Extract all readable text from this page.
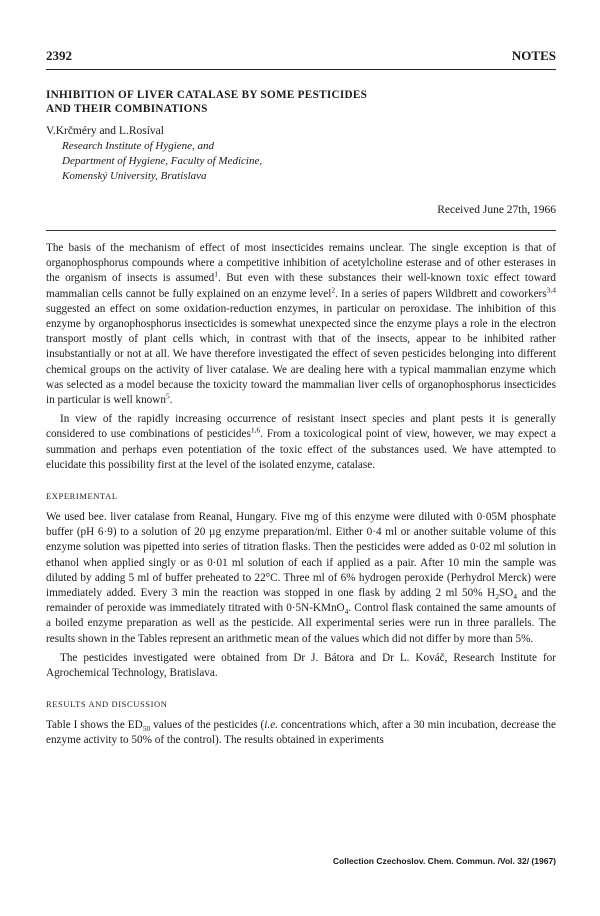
2392	NOTES
INHIBITION OF LIVER CATALASE BY SOME PESTICIDES
AND THEIR COMBINATIONS
V.Krčméry and L.Rosíval
Research Institute of Hygiene, and
Department of Hygiene, Faculty of Medicine,
Komenský University, Bratislava
Received June 27th, 1966

The basis of the mechanism of effect of most insecticides remains unclear. The single exception is that of organophosphorus compounds where a competitive inhibition of acetylcholine esterase and of other esterases in the organism of insects is assumed$^1$. But even with these substances their well-known toxic effect toward mammalian cells cannot be fully explained on an enzyme level$^2$. In a series of papers Wildbrett and coworkers$^{3,4}$ suggested an effect on some oxidation-reduction enzymes, in particular on peroxidase. The inhibition of this enzyme by organophosphorus insecticides is somewhat unexpected since the enzyme plays a role in the electron transport mostly of plant cells which, in contrast with that of the insects, appear to be inhibited rather insubstantially or not at all. We have therefore investigated the effect of seven pesticides belonging into different chemical groups on the activity of liver catalase. We are dealing here with a typical mammalian enzyme which was selected as a model because the toxicity toward the mammalian liver cells of organophosphorus insecticides in particular is well known$^5$.

In view of the rapidly increasing occurrence of resistant insect species and plant pests it is generally considered to use combinations of pesticides$^{1,6}$. From a toxicological point of view, however, we may expect a summation and perhaps even potentiation of the toxic effect of the substances used. We have attempted to elucidate this possibility first at the level of the isolated enzyme, catalase.

EXPERIMENTAL

We used bee. liver catalase from Reanal, Hungary. Five mg of this enzyme were diluted with 0·05M phosphate buffer (pH 6·9) to a solution of 20 µg enzyme preparation/ml. Either 0·4 ml or another suitable volume of this enzyme solution was pipetted into series of titration flasks. Then the pesticides were added as 0·02 ml solution in ethanol when applied singly or as 0·01 ml solution of each if applied as a pair. After 10 min the sample was diluted by adding 5 ml of buffer preheated to 22°C. Three ml of 6% hydrogen peroxide (Perhydrol Merck) were immediately added. Every 3 min the reaction was stopped in one flask by adding 2 ml 50% $H_2SO_4$ and the remainder of peroxide was immediately titrated with 0·5N-KMnO$_4$. Control flask contained the same amounts of a boiled enzyme preparation as well as the pesticide. All experimental series were run in three parallels. The results shown in the Tables represent an arithmetic mean of the values which did not differ by more than 5%.

The pesticides investigated were obtained from Dr J. Bátora and Dr L. Kováč, Research Institute for Agrochemical Technology, Bratislava.

RESULTS AND DISCUSSION

Table I shows the $ED_{50}$ values of the pesticides (i.e. concentrations which, after a 30 min incubation, decrease the enzyme activity to 50% of the control). The results obtained in experiments

Collection Czechoslov. Chem. Commun. /Vol. 32/ (1967)
